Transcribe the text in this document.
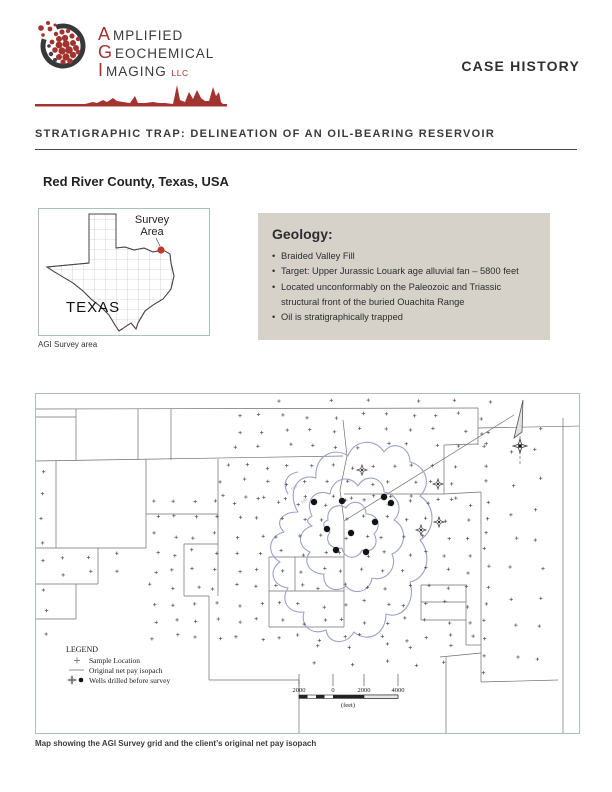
A MPLIFIED
G EOCHEMICAL
I MAGING LLC	CASE HISTORY
STRATIGRAPHIC TRAP: DELINEATION OF AN OIL-BEARING RESERVOIR
Red River County, Texas, USA
Survey
Area
TEXAS
AGI Survey area
Geology:
• Braided Valley Fill
• Target: Upper Jurassic Louark age alluvial fan – 5800 feet
• Located unconformably on the Paleozoic and Triassic structural front of the buried Ouachita Range
• Oil is stratigraphically trapped
100
100
LEGEND
Sample Location
Original net pay isopach
Wells drilled before survey
2000	0	2000	4000
(feet)
Map showing the AGI Survey grid and the client’s original net pay isopach
